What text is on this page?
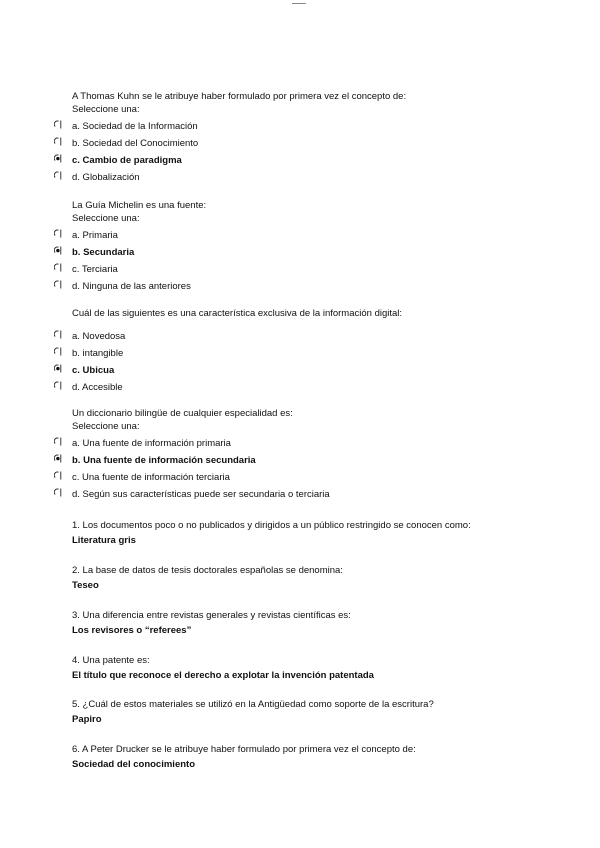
A Thomas Kuhn se le atribuye haber formulado por primera vez el concepto de:
Seleccione una:
a. Sociedad de la Información
b. Sociedad del Conocimiento
c. Cambio de paradigma
d. Globalización
La Guía Michelin es una fuente:
Seleccione una:
a. Primaria
b. Secundaria
c. Terciaria
d. Ninguna de las anteriores
Cuál de las siguientes es una característica exclusiva de la información digital:
a. Novedosa
b. intangible
c. Ubicua
d. Accesible
Un diccionario bilingüe de cualquier especialidad es:
Seleccione una:
a. Una fuente de información primaria
b. Una fuente de información secundaria
c. Una fuente de información terciaria
d. Según sus características puede ser secundaria o terciaria
1. Los documentos poco o no publicados y dirigidos a un público restringido se conocen como:
Literatura gris
2. La base de datos de tesis doctorales españolas se denomina:
Teseo
3. Una diferencia entre revistas generales y revistas científicas es:
Los revisores o “referees”
4. Una patente es:
El título que reconoce el derecho a explotar la invención patentada
5. ¿Cuál de estos materiales se utilizó en la Antigüedad como soporte de la escritura?
Papiro
6. A Peter Drucker se le atribuye haber formulado por primera vez el concepto de:
Sociedad del conocimiento
